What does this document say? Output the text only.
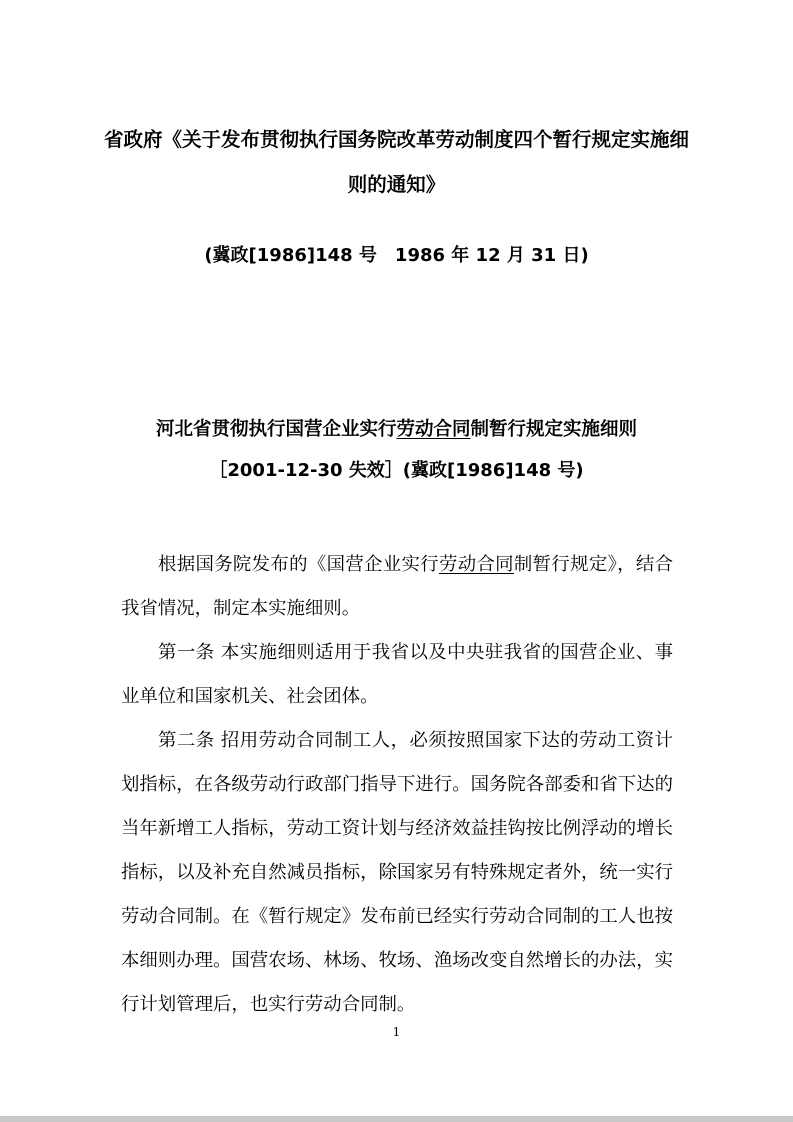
省政府《关于发布贯彻执行国务院改革劳动制度四个暂行规定实施细
则的通知》
(冀政[1986]148 号　1986 年 12 月 31 日)
河北省贯彻执行国营企业实行劳动合同制暂行规定实施细则
［2001-12-30 失效］(冀政[1986]148 号)
根据国务院发布的《国营企业实行劳动合同制暂行规定》，结合
我省情况，制定本实施细则。
第一条 本实施细则适用于我省以及中央驻我省的国营企业、事
业单位和国家机关、社会团体。
第二条 招用劳动合同制工人，必须按照国家下达的劳动工资计
划指标，在各级劳动行政部门指导下进行。国务院各部委和省下达的
当年新增工人指标，劳动工资计划与经济效益挂钩按比例浮动的增长
指标，以及补充自然减员指标，除国家另有特殊规定者外，统一实行
劳动合同制。在《暂行规定》发布前已经实行劳动合同制的工人也按
本细则办理。国营农场、林场、牧场、渔场改变自然增长的办法，实
行计划管理后，也实行劳动合同制。
1
